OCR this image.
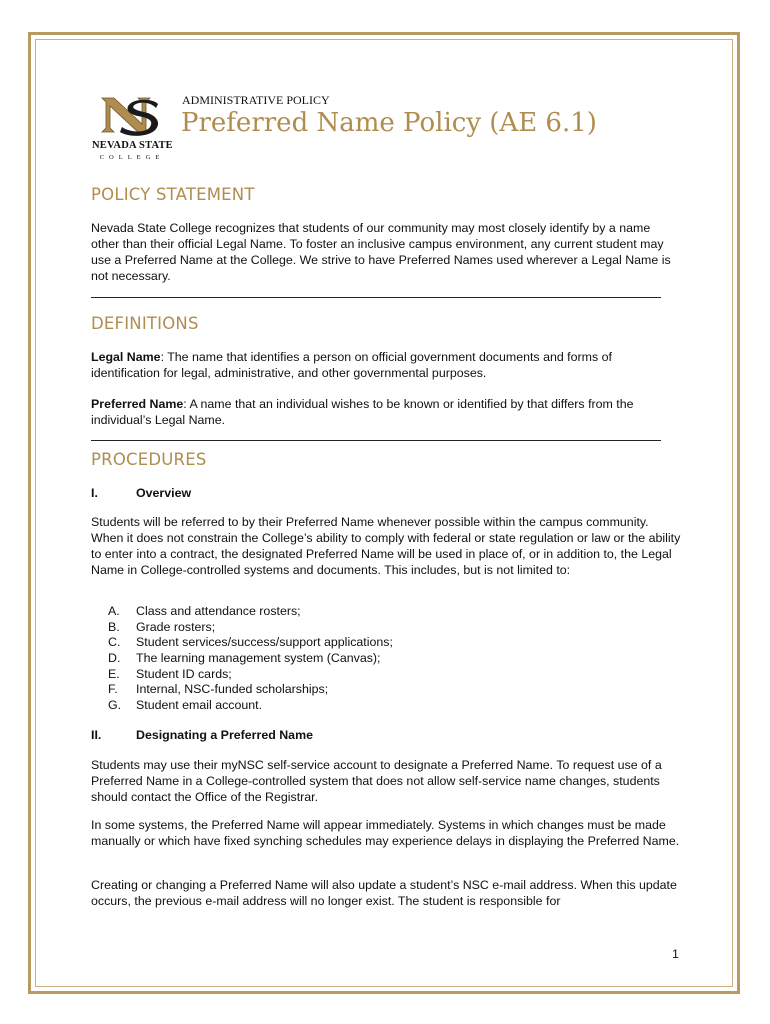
NEVADA STATE
COLLEGE
ADMINISTRATIVE POLICY
Preferred Name Policy (AE 6.1)
POLICY STATEMENT
Nevada State College recognizes that students of our community may most closely identify by a name other than their official Legal Name. To foster an inclusive campus environment, any current student may use a Preferred Name at the College. We strive to have Preferred Names used wherever a Legal Name is not necessary.
DEFINITIONS
Legal Name: The name that identifies a person on official government documents and forms of identification for legal, administrative, and other governmental purposes.
Preferred Name: A name that an individual wishes to be known or identified by that differs from the individual’s Legal Name.
PROCEDURES
I.	Overview
Students will be referred to by their Preferred Name whenever possible within the campus community. When it does not constrain the College’s ability to comply with federal or state regulation or law or the ability to enter into a contract, the designated Preferred Name will be used in place of, or in addition to, the Legal Name in College-controlled systems and documents. This includes, but is not limited to:
A. Class and attendance rosters;
B. Grade rosters;
C. Student services/success/support applications;
D. The learning management system (Canvas);
E. Student ID cards;
F. Internal, NSC-funded scholarships;
G. Student email account.
II.	Designating a Preferred Name
Students may use their myNSC self-service account to designate a Preferred Name. To request use of a Preferred Name in a College-controlled system that does not allow self-service name changes, students should contact the Office of the Registrar.
In some systems, the Preferred Name will appear immediately. Systems in which changes must be made manually or which have fixed synching schedules may experience delays in displaying the Preferred Name.
Creating or changing a Preferred Name will also update a student’s NSC e-mail address. When this update occurs, the previous e-mail address will no longer exist. The student is responsible for
1
